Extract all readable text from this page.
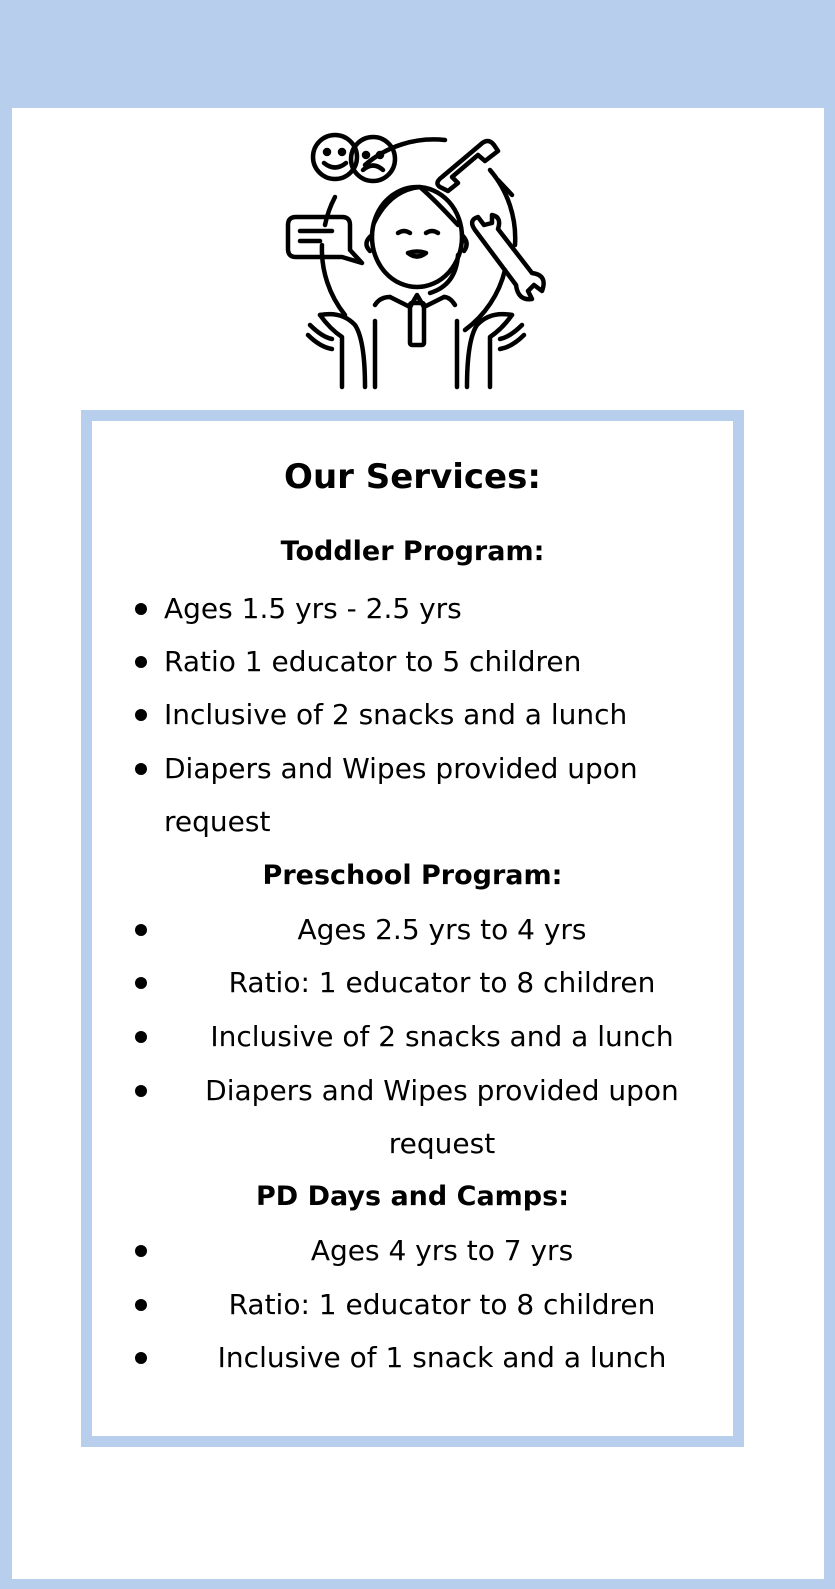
Our Services:
Toddler Program:
Ages 1.5 yrs - 2.5 yrs
Ratio 1 educator to 5 children
Inclusive of 2 snacks and a lunch
Diapers and Wipes provided upon request
Preschool Program:
Ages 2.5 yrs to 4 yrs
Ratio: 1 educator to 8 children
Inclusive of 2 snacks and a lunch
Diapers and Wipes provided upon request
PD Days and Camps:
Ages 4 yrs to 7 yrs
Ratio: 1 educator to 8 children
Inclusive of 1 snack and a lunch
